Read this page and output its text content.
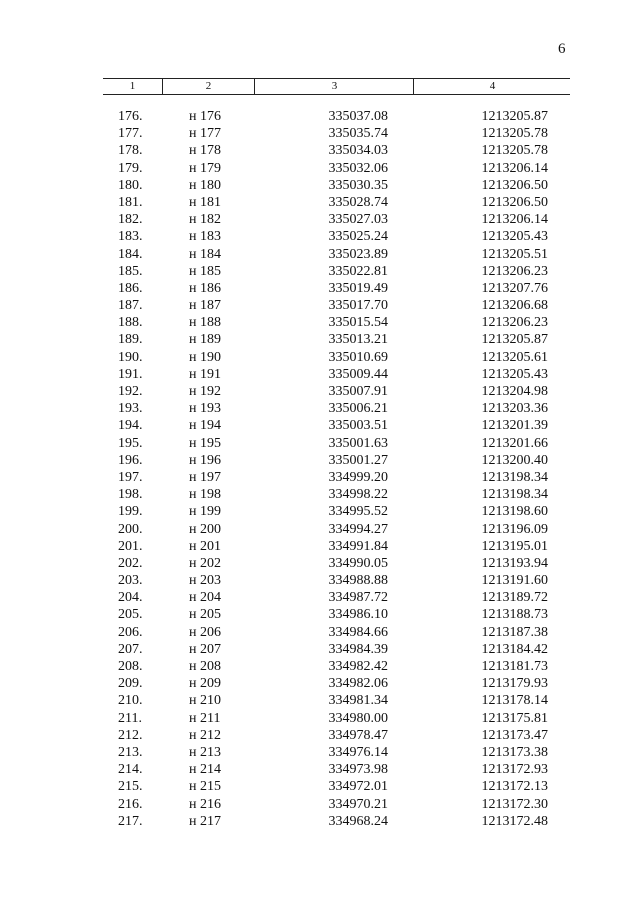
6
1	2	3	4
176.	н 176	335037.08	1213205.87
177.	н 177	335035.74	1213205.78
178.	н 178	335034.03	1213205.78
179.	н 179	335032.06	1213206.14
180.	н 180	335030.35	1213206.50
181.	н 181	335028.74	1213206.50
182.	н 182	335027.03	1213206.14
183.	н 183	335025.24	1213205.43
184.	н 184	335023.89	1213205.51
185.	н 185	335022.81	1213206.23
186.	н 186	335019.49	1213207.76
187.	н 187	335017.70	1213206.68
188.	н 188	335015.54	1213206.23
189.	н 189	335013.21	1213205.87
190.	н 190	335010.69	1213205.61
191.	н 191	335009.44	1213205.43
192.	н 192	335007.91	1213204.98
193.	н 193	335006.21	1213203.36
194.	н 194	335003.51	1213201.39
195.	н 195	335001.63	1213201.66
196.	н 196	335001.27	1213200.40
197.	н 197	334999.20	1213198.34
198.	н 198	334998.22	1213198.34
199.	н 199	334995.52	1213198.60
200.	н 200	334994.27	1213196.09
201.	н 201	334991.84	1213195.01
202.	н 202	334990.05	1213193.94
203.	н 203	334988.88	1213191.60
204.	н 204	334987.72	1213189.72
205.	н 205	334986.10	1213188.73
206.	н 206	334984.66	1213187.38
207.	н 207	334984.39	1213184.42
208.	н 208	334982.42	1213181.73
209.	н 209	334982.06	1213179.93
210.	н 210	334981.34	1213178.14
211.	н 211	334980.00	1213175.81
212.	н 212	334978.47	1213173.47
213.	н 213	334976.14	1213173.38
214.	н 214	334973.98	1213172.93
215.	н 215	334972.01	1213172.13
216.	н 216	334970.21	1213172.30
217.	н 217	334968.24	1213172.48
